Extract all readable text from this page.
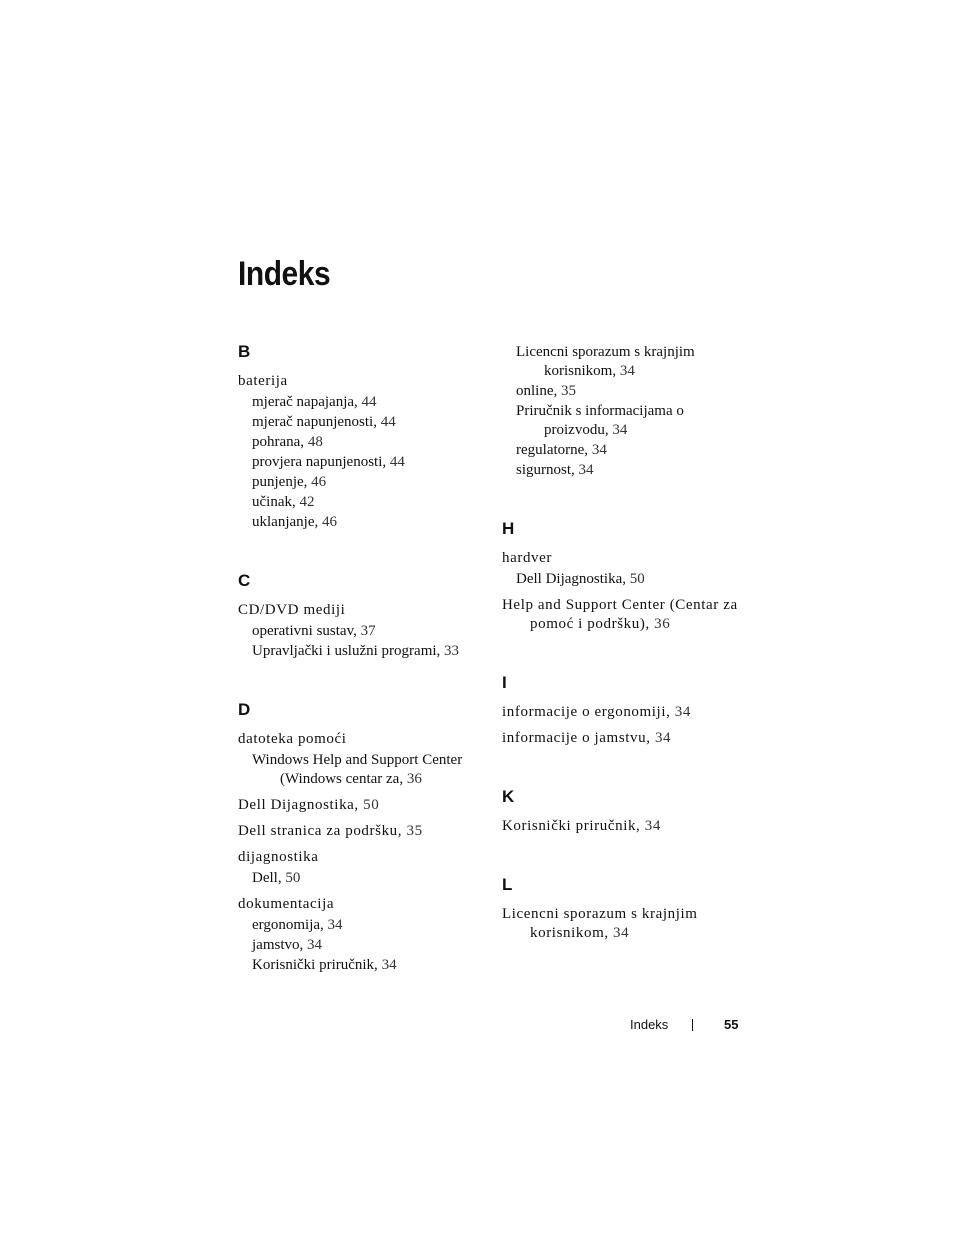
Indeks
B
baterija
mjerač napajanja, 44
mjerač napunjenosti, 44
pohrana, 48
provjera napunjenosti, 44
punjenje, 46
učinak, 42
uklanjanje, 46
C
CD/DVD mediji
operativni sustav, 37
Upravljački i uslužni programi, 33
D
datoteka pomoći
Windows Help and Support Center (Windows centar za, 36
Dell Dijagnostika, 50
Dell stranica za podršku, 35
dijagnostika
Dell, 50
dokumentacija
ergonomija, 34
jamstvo, 34
Korisnički priručnik, 34
Licencni sporazum s krajnjim korisnikom, 34
online, 35
Priručnik s informacijama o proizvodu, 34
regulatorne, 34
sigurnost, 34
H
hardver
Dell Dijagnostika, 50
Help and Support Center (Centar za pomoć i podršku), 36
I
informacije o ergonomiji, 34
informacije o jamstvu, 34
K
Korisnički priručnik, 34
L
Licencni sporazum s krajnjim korisnikom, 34
Indeks	55
